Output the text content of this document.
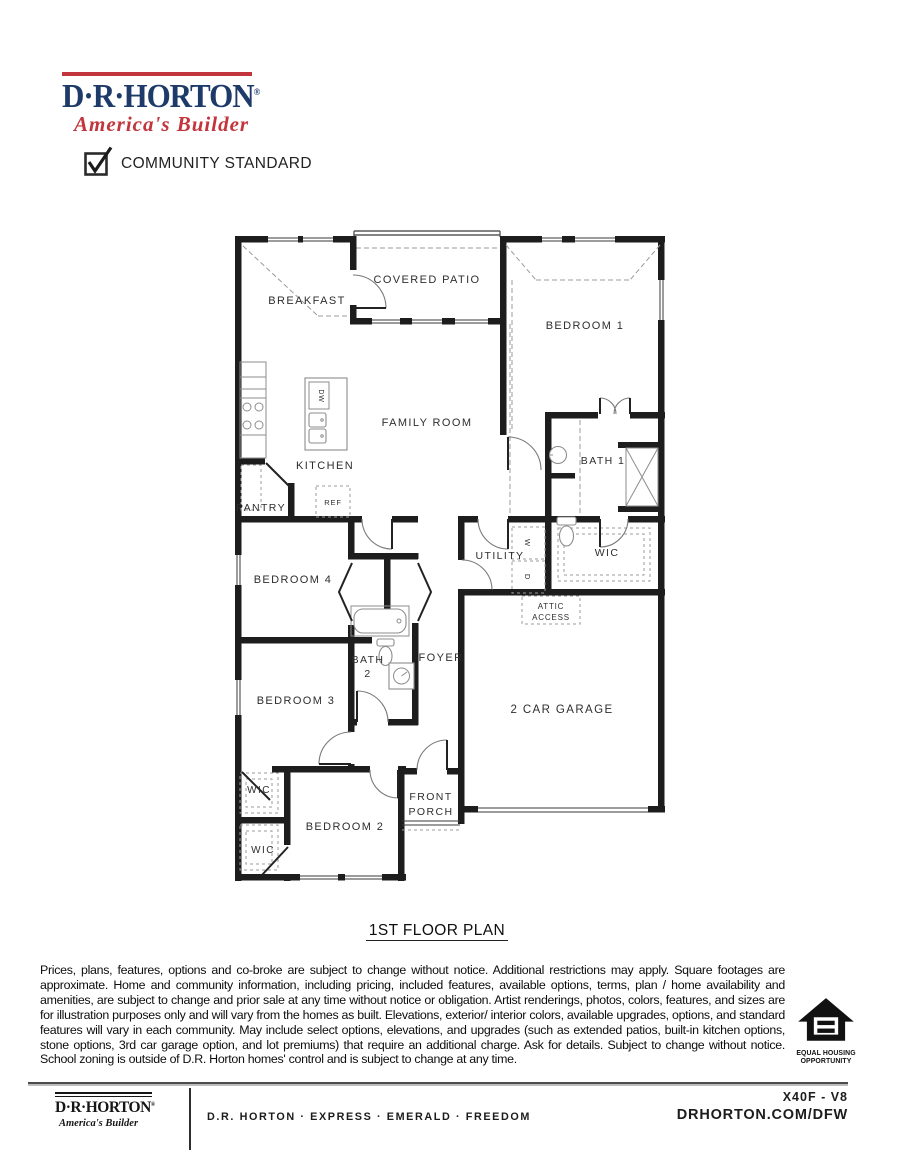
D·R·HORTON®
America's Builder
COMMUNITY STANDARD
COVERED PATIO
BREAKFAST
BEDROOM 1
FAMILY ROOM
KITCHEN
PANTRY	REF
DW
BATH 1
UTILITY
W
D
WIC
BEDROOM 4
ATTIC
ACCESS
BATH
2
FOYER
BEDROOM 3
2 CAR GARAGE
WIC
FRONT
PORCH
BEDROOM 2
WIC
1ST FLOOR PLAN
Prices, plans, features, options and co-broke are subject to change without notice. Additional restrictions may apply. Square footages are approximate. Home and community information, including pricing, included features, available options, terms, plan / home availability and amenities, are subject to change and prior sale at any time without notice or obligation. Artist renderings, photos, colors, features, and sizes are for illustration purposes only and will vary from the homes as built. Elevations, exterior/ interior colors, available upgrades, options, and standard features will vary in each community. May include select options, elevations, and upgrades (such as extended patios, built-in kitchen options, stone options, 3rd car garage option, and lot premiums) that require an additional charge. Ask for details. Subject to change without notice. School zoning is outside of D.R. Horton homes' control and is subject to change at any time.	EQUAL HOUSING
OPPORTUNITY
D·R·HORTON®
America's Builder
D.R. HORTON · EXPRESS · EMERALD · FREEDOM
X40F - V8
DRHORTON.COM/DFW
